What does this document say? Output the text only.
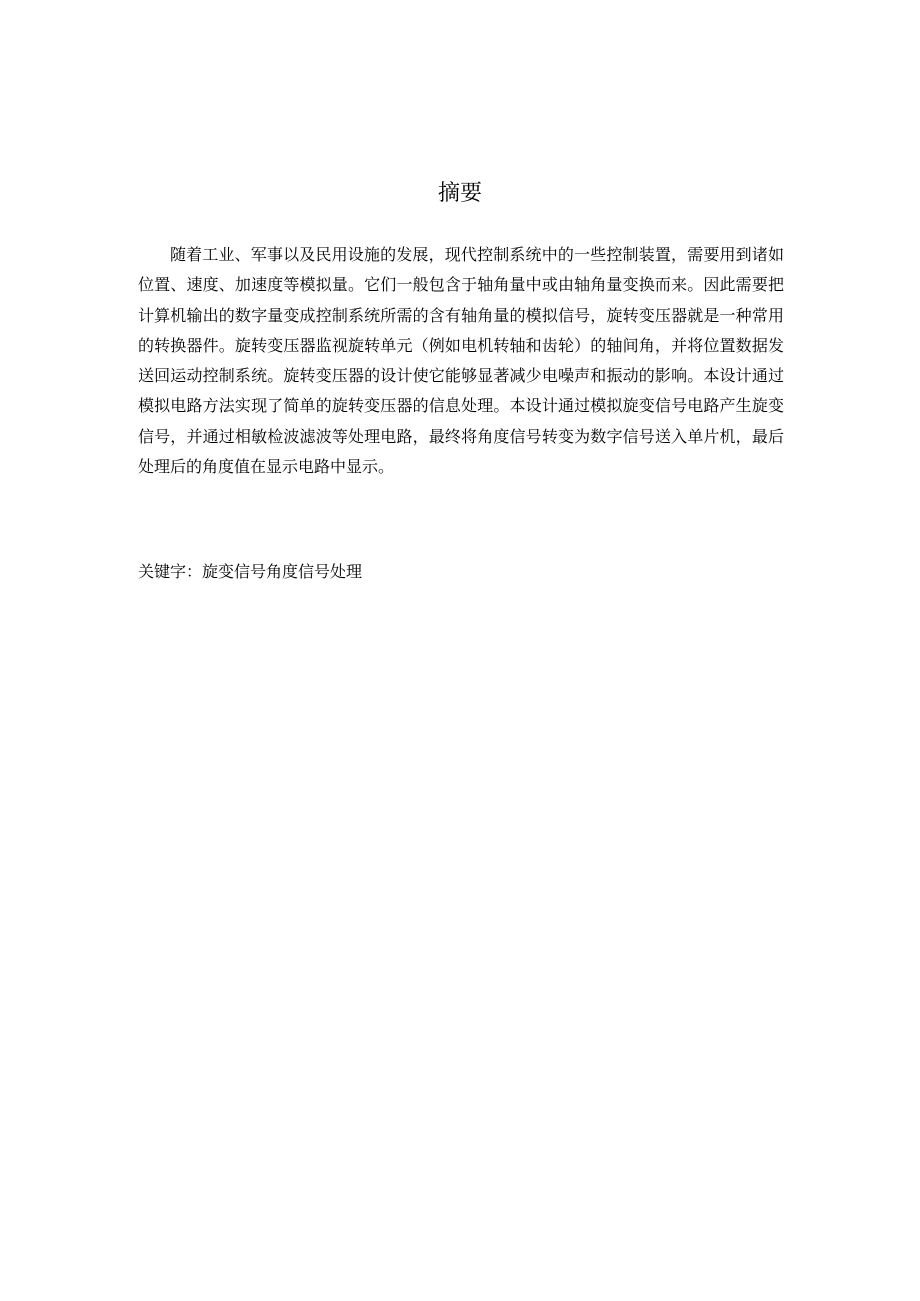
摘要

随着工业、军事以及民用设施的发展，现代控制系统中的一些控制装置，需要用到诸如位置、速度、加速度等模拟量。它们一般包含于轴角量中或由轴角量变换而来。因此需要把计算机输出的数字量变成控制系统所需的含有轴角量的模拟信号，旋转变压器就是一种常用的转换器件。旋转变压器监视旋转单元（例如电机转轴和齿轮）的轴间角，并将位置数据发送回运动控制系统。旋转变压器的设计使它能够显著减少电噪声和振动的影响。本设计通过模拟电路方法实现了简单的旋转变压器的信息处理。本设计通过模拟旋变信号电路产生旋变信号，并通过相敏检波滤波等处理电路，最终将角度信号转变为数字信号送入单片机，最后处理后的角度值在显示电路中显示。

关键字：旋变信号角度信号处理
